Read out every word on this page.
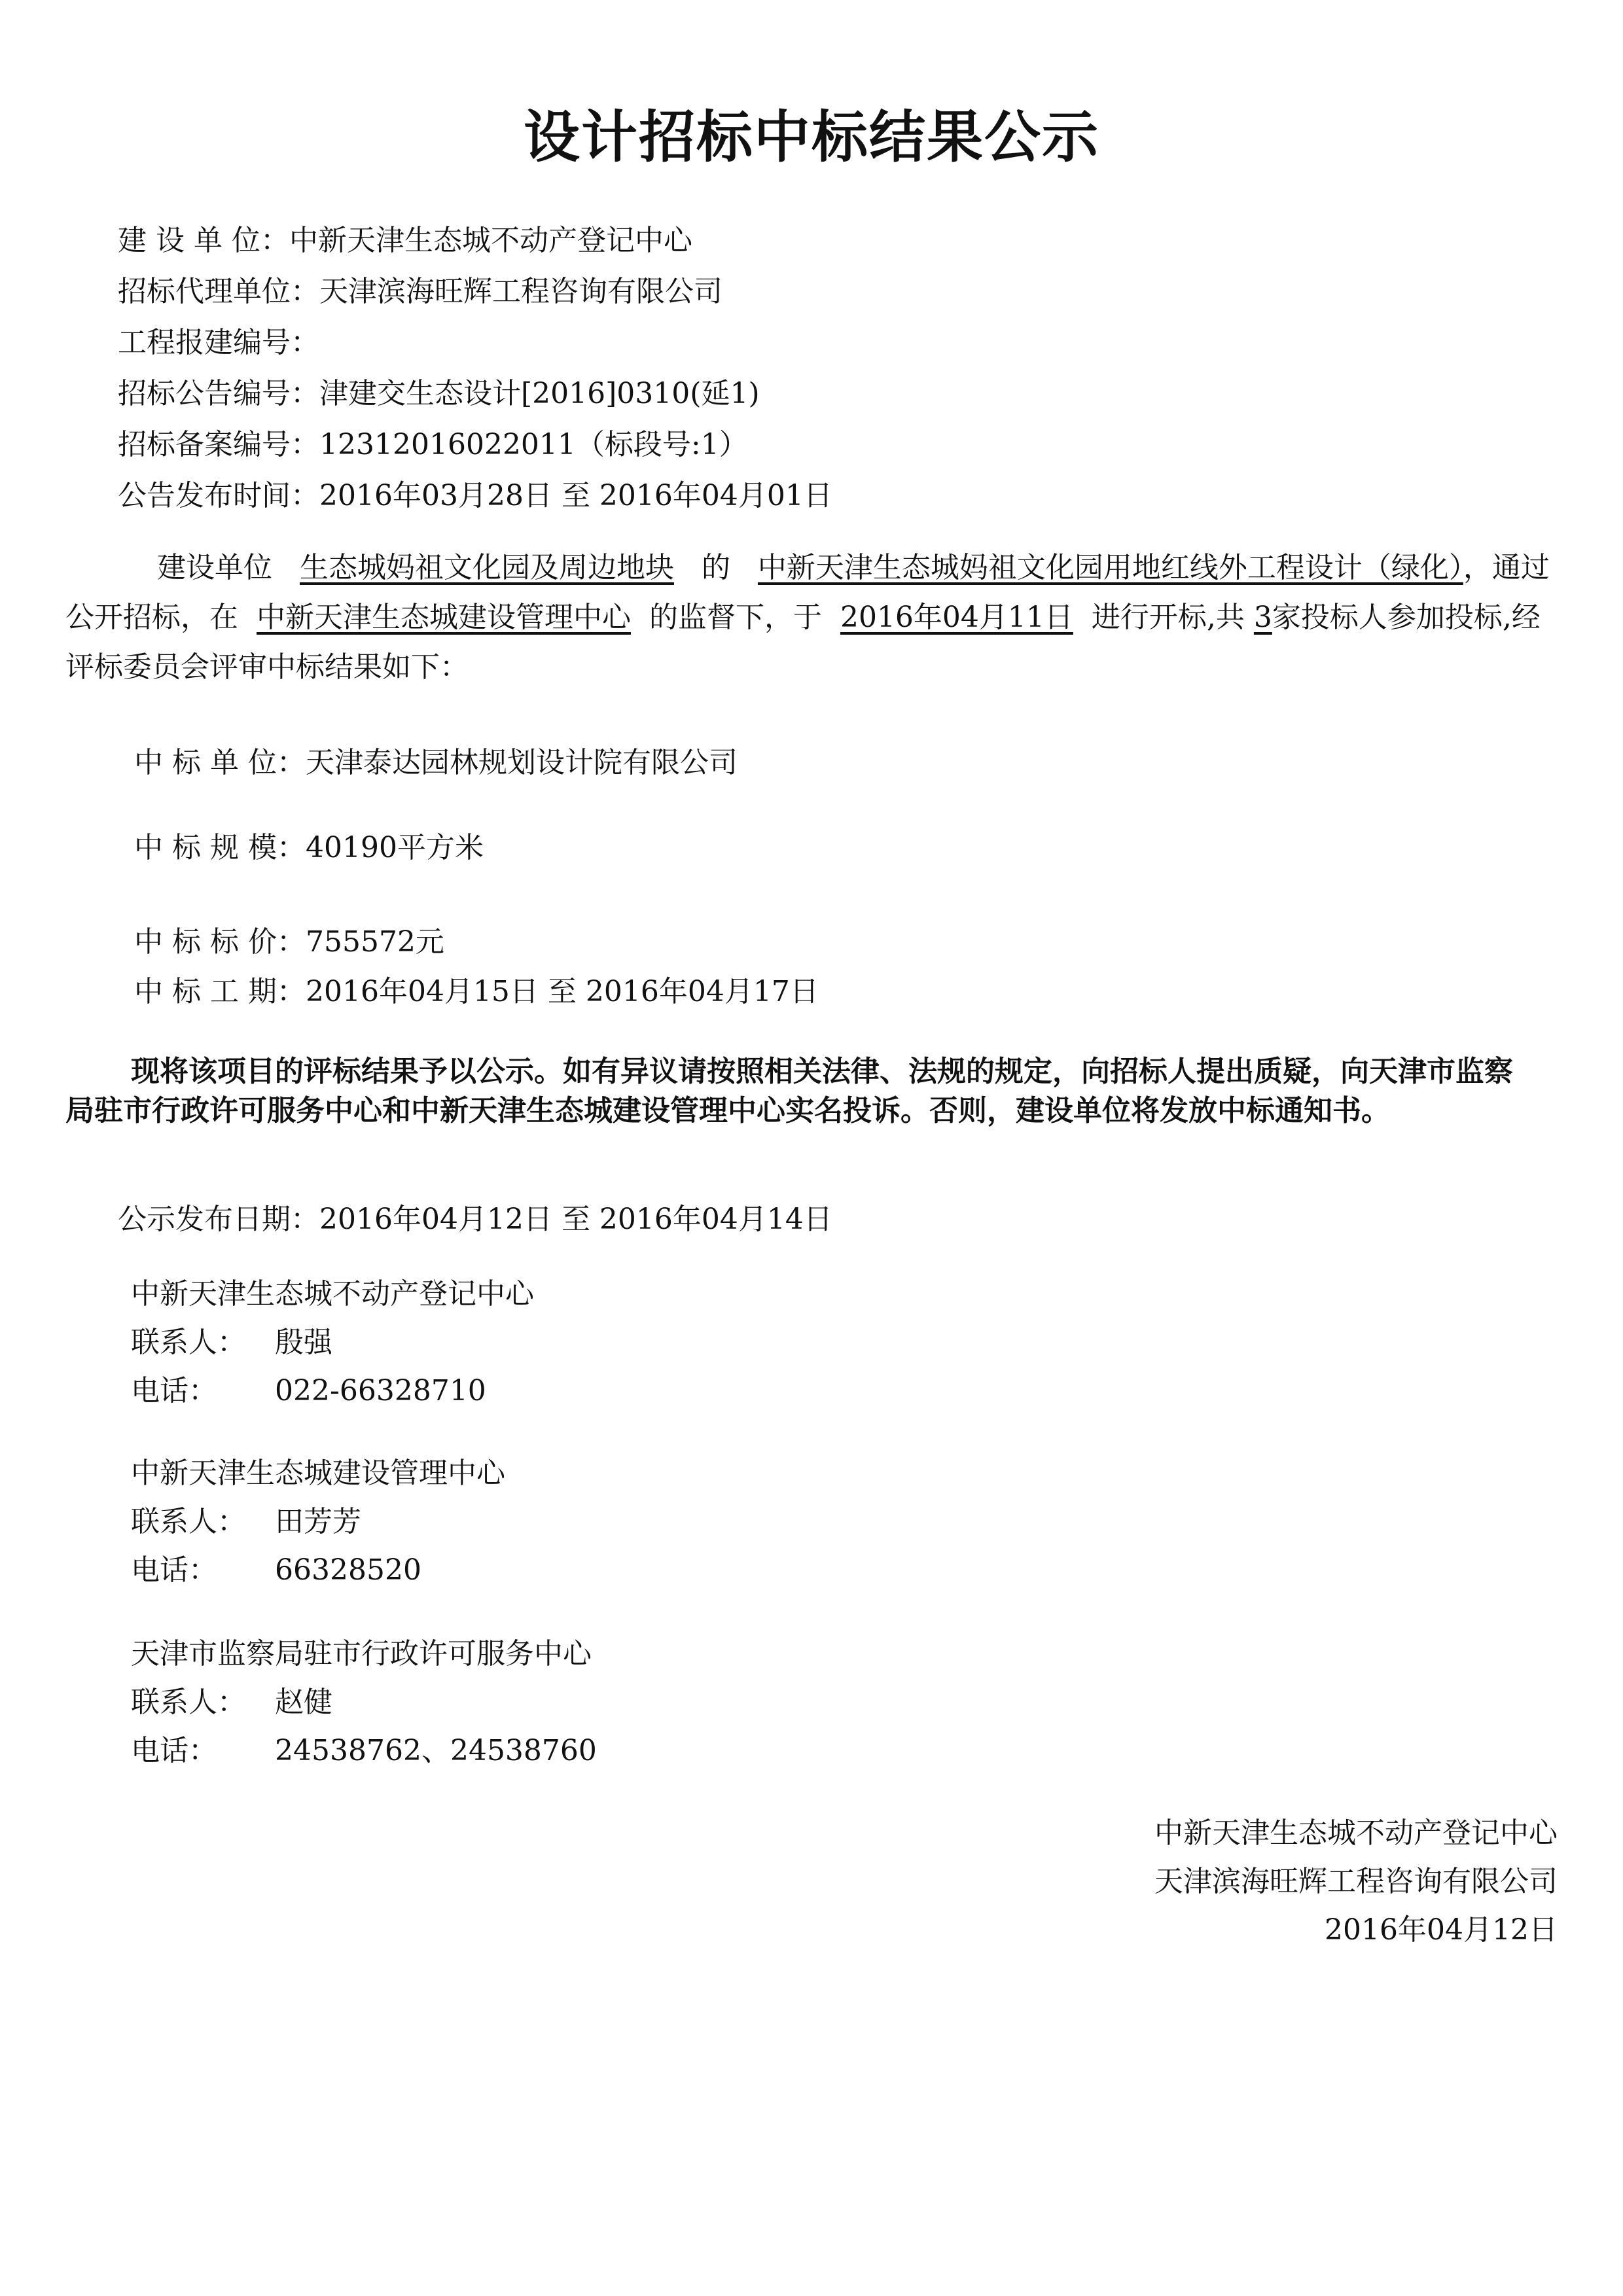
设计招标中标结果公示
建 设 单 位：中新天津生态城不动产登记中心
招标代理单位：天津滨海旺辉工程咨询有限公司
工程报建编号：
招标公告编号：津建交生态设计[2016]0310(延1)
招标备案编号：12312016022011（标段号:1）
公告发布时间：2016年03月28日 至 2016年04月01日
建设单位 生态城妈祖文化园及周边地块 的 中新天津生态城妈祖文化园用地红线外工程设计（绿化），通过公开招标，在 中新天津生态城建设管理中心 的监督下，于 2016年04月11日 进行开标,共 3家投标人参加投标,经评标委员会评审中标结果如下：
中 标 单 位：天津泰达园林规划设计院有限公司
中 标 规 模：40190平方米
中 标 标 价：755572元
中 标 工 期：2016年04月15日 至 2016年04月17日
现将该项目的评标结果予以公示。如有异议请按照相关法律、法规的规定，向招标人提出质疑，向天津市监察局驻市行政许可服务中心和中新天津生态城建设管理中心实名投诉。否则，建设单位将发放中标通知书。
公示发布日期：2016年04月12日 至 2016年04月14日
中新天津生态城不动产登记中心
联系人： 殷强
电话： 022-66328710
中新天津生态城建设管理中心
联系人： 田芳芳
电话： 66328520
天津市监察局驻市行政许可服务中心
联系人： 赵健
电话： 24538762、24538760
中新天津生态城不动产登记中心
天津滨海旺辉工程咨询有限公司
2016年04月12日
